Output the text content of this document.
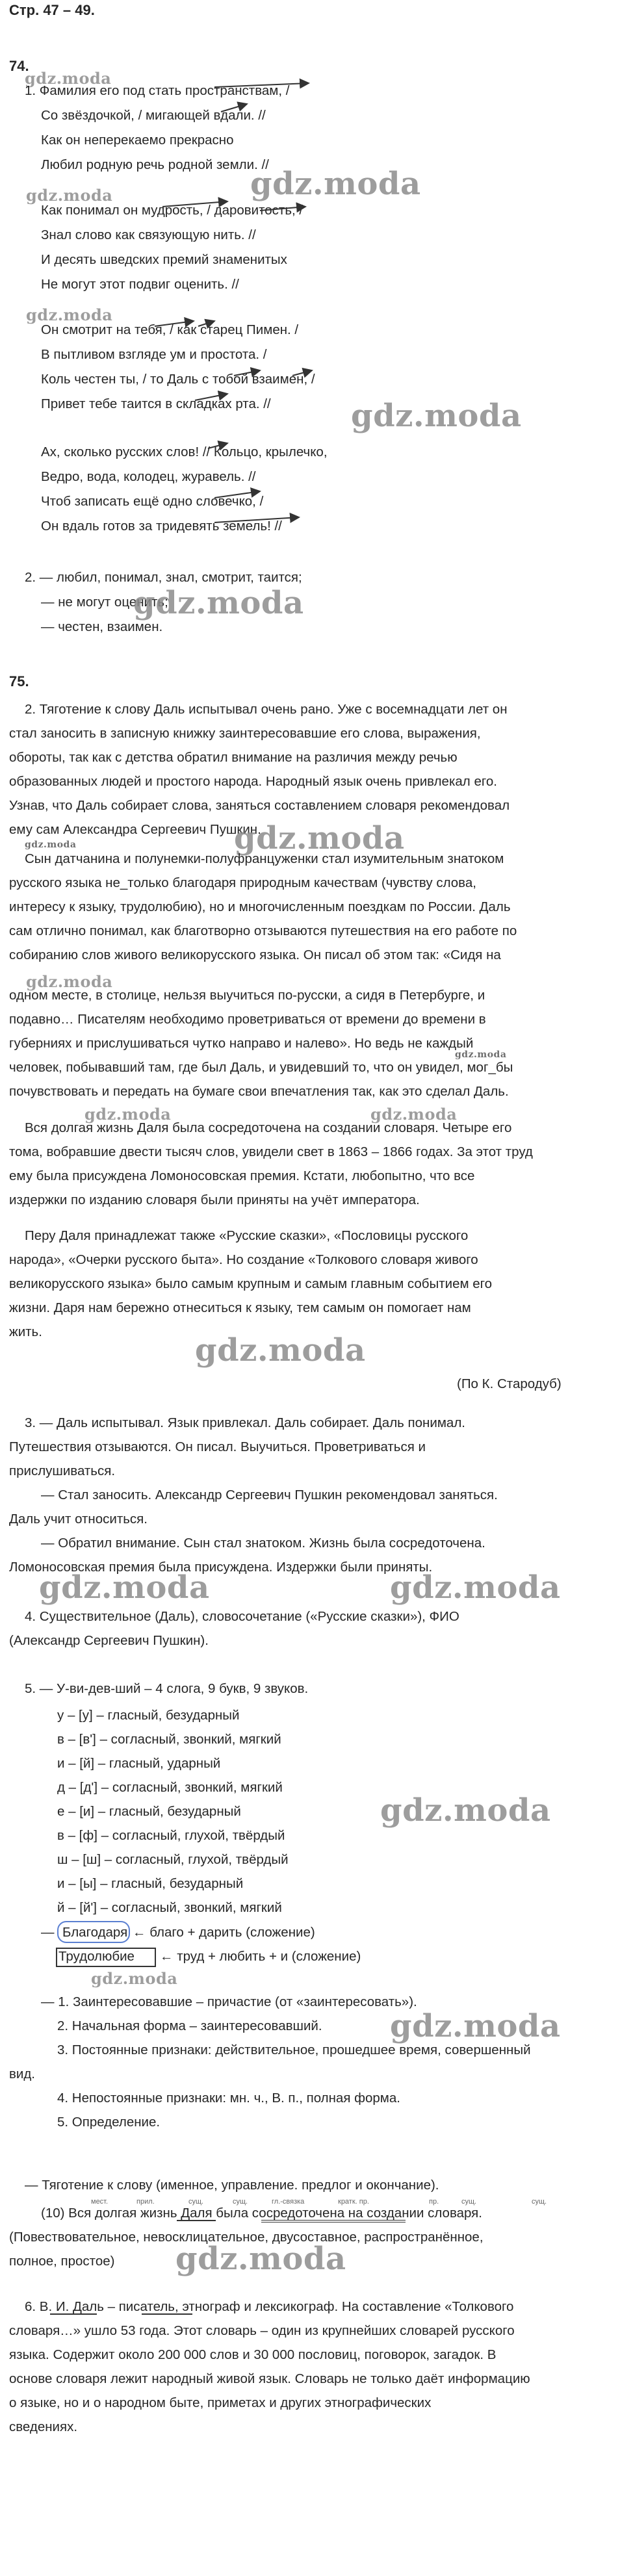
Стр. 47 – 49.
74.
gdz.moda
1. Фамилия его под стать пространствам, /
Со звёздочкой, / мигающей вдали. //
Как он неперекаемо прекрасно
Любил родную речь родной земли. //
gdz.moda	gdz.moda
Как понимал он мудрость, / даровитость, /
Знал слово как связующую нить. //
И десять шведских премий знаменитых
Не могут этот подвиг оценить. //
gdz.moda
Он смотрит на тебя, / как старец Пимен. /
В пытливом взгляде ум и простота. /
Коль честен ты, / то Даль с тобой взаимен, /
gdz.moda
Привет тебе таится в складках рта. //
Ах, сколько русских слов! // Кольцо, крылечко,
Ведро, вода, колодец, журавель. //
Чтоб записать ещё одно словечко, /
Он вдаль готов за тридевять земель! //
2. — любил, понимал, знал, смотрит, таится;
— не могут оценить;
gdz.moda
— честен, взаимен.
75.
2. Тяготение к слову Даль испытывал очень рано. Уже с восемнадцати лет он
стал заносить в записную книжку заинтересовавшие его слова, выражения,
обороты, так как с детства обратил внимание на различия между речью
образованных людей и простого народа. Народный язык очень привлекал его.
Узнав, что Даль собирает слова, заняться составлением словаря рекомендовал
ему сам Александра Сергеевич Пушкин.
gdz.moda
gdz.moda
Сын датчанина и полунемки-полуфранцуженки стал изумительным знатоком
русского языка не_только благодаря природным качествам (чувству слова,
интересу к языку, трудолюбию), но и многочисленным поездкам по России. Даль
сам отлично понимал, как благотворно отзываются путешествия на его работе по
собиранию слов живого великорусского языка. Он писал об этом так: «Сидя на
gdz.moda
одном месте, в столице, нельзя выучиться по-русски, а сидя в Петербурге, и
подавно… Писателям необходимо проветриваться от времени до времени в
губерниях и прислушиваться чутко направо и налево». Но ведь не каждый
gdz.moda
человек, побывавший там, где был Даль, и увидевший то, что он увидел, мог_бы
почувствовать и передать на бумаге свои впечатления так, как это сделал Даль.
gdz.moda	gdz.moda
Вся долгая жизнь Даля была сосредоточена на создании словаря. Четыре его
тома, вобравшие двести тысяч слов, увидели свет в 1863 – 1866 годах. За этот труд
ему была присуждена Ломоносовская премия. Кстати, любопытно, что все
издержки по изданию словаря были приняты на учёт императора.
Перу Даля принадлежат также «Русские сказки», «Пословицы русского
народа», «Очерки русского быта». Но создание «Толкового словаря живого
великорусского языка» было самым крупным и самым главным событием его
жизни. Даря нам бережно отнеситься к языку, тем самым он помогает нам
жить.
gdz.moda
(По К. Стародуб)
3. — Даль испытывал. Язык привлекал. Даль собирает. Даль понимал.
Путешествия отзываются. Он писал. Выучиться. Проветриваться и
прислушиваться.
— Стал заносить. Александр Сергеевич Пушкин рекомендовал заняться.
Даль учит относиться.
— Обратил внимание. Сын стал знатоком. Жизнь была сосредоточена.
Ломоносовская премия была присуждена. Издержки были приняты.
gdz.moda	gdz.moda
4. Существительное (Даль), словосочетание («Русские сказки»), ФИО
(Александр Сергеевич Пушкин).
5. — У-ви-дев-ший – 4 слога, 9 букв, 9 звуков.
у – [у] – гласный, безударный
в – [в'] – согласный, звонкий, мягкий
и – [й] – гласный, ударный
д – [д'] – согласный, звонкий, мягкий
е – [и] – гласный, безударный	gdz.moda
в – [ф] – согласный, глухой, твёрдый
ш – [ш] – согласный, глухой, твёрдый
и – [ы] – гласный, безударный
й – [й'] – согласный, звонкий, мягкий
— Благодаря ← благо + дарить (сложение)
Трудолюбие ← труд + любить + и (сложение)
gdz.moda
— 1. Заинтересовавшие – причастие (от «заинтересовать»).
2. Начальная форма – заинтересовавший. gdz.moda
3. Постоянные признаки: действительное, прошедшее время, совершенный
вид.
4. Непостоянные признаки: мн. ч., В. п., полная форма.
5. Определение.
— Тяготение к слову (именное, управление. предлог и окончание).
мест.	прил.	сущ.	сущ.	гл.-связка	кратк. пр.	пр.	сущ.	сущ.
(10) Вся долгая жизнь Даля была сосредоточена на создании словаря.
(Повествовательное, невосклицательное, двусоставное, распространённое,
gdz.moda
полное, простое)
6. В. И. Даль – писатель, этнограф и лексикограф. На составление «Толкового
словаря…» ушло 53 года. Этот словарь – один из крупнейших словарей русского
языка. Содержит около 200 000 слов и 30 000 пословиц, поговорок, загадок. В
основе словаря лежит народный живой язык. Словарь не только даёт информацию
о языке, но и о народном быте, приметах и других этнографических
сведениях.
